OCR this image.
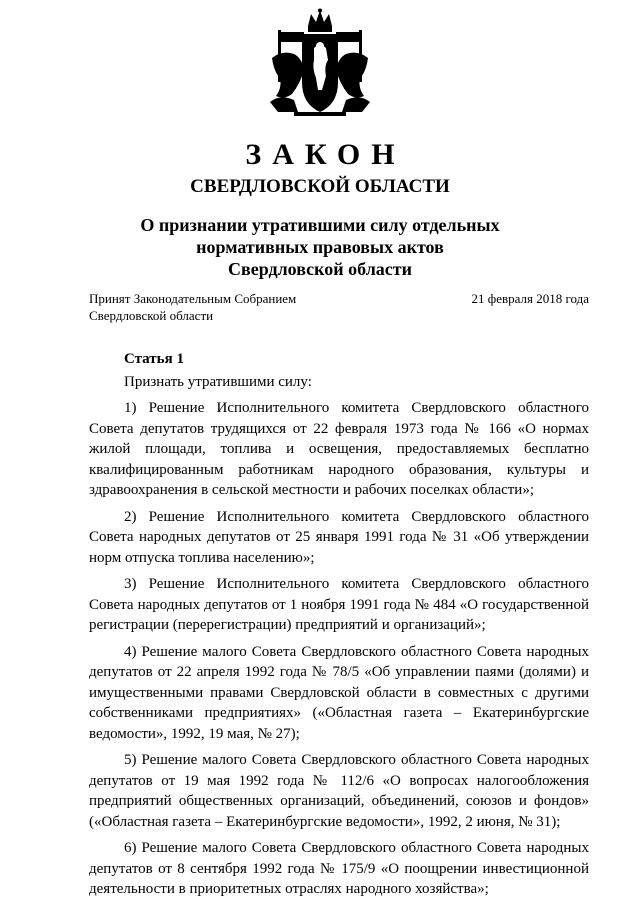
ЗАКОН
СВЕРДЛОВСКОЙ ОБЛАСТИ
О признании утратившими силу отдельных
нормативных правовых актов
Свердловской области
Принят Законодательным Собранием
Свердловской области
21 февраля 2018 года
Статья 1
Признать утратившими силу:
1) Решение Исполнительного комитета Свердловского областного Совета депутатов трудящихся от 22 февраля 1973 года № 166 «О нормах жилой площади, топлива и освещения, предоставляемых бесплатно квалифицированным работникам народного образования, культуры и здравоохранения в сельской местности и рабочих поселках области»;
2) Решение Исполнительного комитета Свердловского областного Совета народных депутатов от 25 января 1991 года № 31 «Об утверждении норм отпуска топлива населению»;
3) Решение Исполнительного комитета Свердловского областного Совета народных депутатов от 1 ноября 1991 года № 484 «О государственной регистрации (перерегистрации) предприятий и организаций»;
4) Решение малого Совета Свердловского областного Совета народных депутатов от 22 апреля 1992 года № 78/5 «Об управлении паями (долями) и имущественными правами Свердловской области в совместных с другими собственниками предприятиях» («Областная газета – Екатеринбургские ведомости», 1992, 19 мая, № 27);
5) Решение малого Совета Свердловского областного Совета народных депутатов от 19 мая 1992 года № 112/6 «О вопросах налогообложения предприятий общественных организаций, объединений, союзов и фондов» («Областная газета – Екатеринбургские ведомости», 1992, 2 июня, № 31);
6) Решение малого Совета Свердловского областного Совета народных депутатов от 8 сентября 1992 года № 175/9 «О поощрении инвестиционной деятельности в приоритетных отраслях народного хозяйства»;
